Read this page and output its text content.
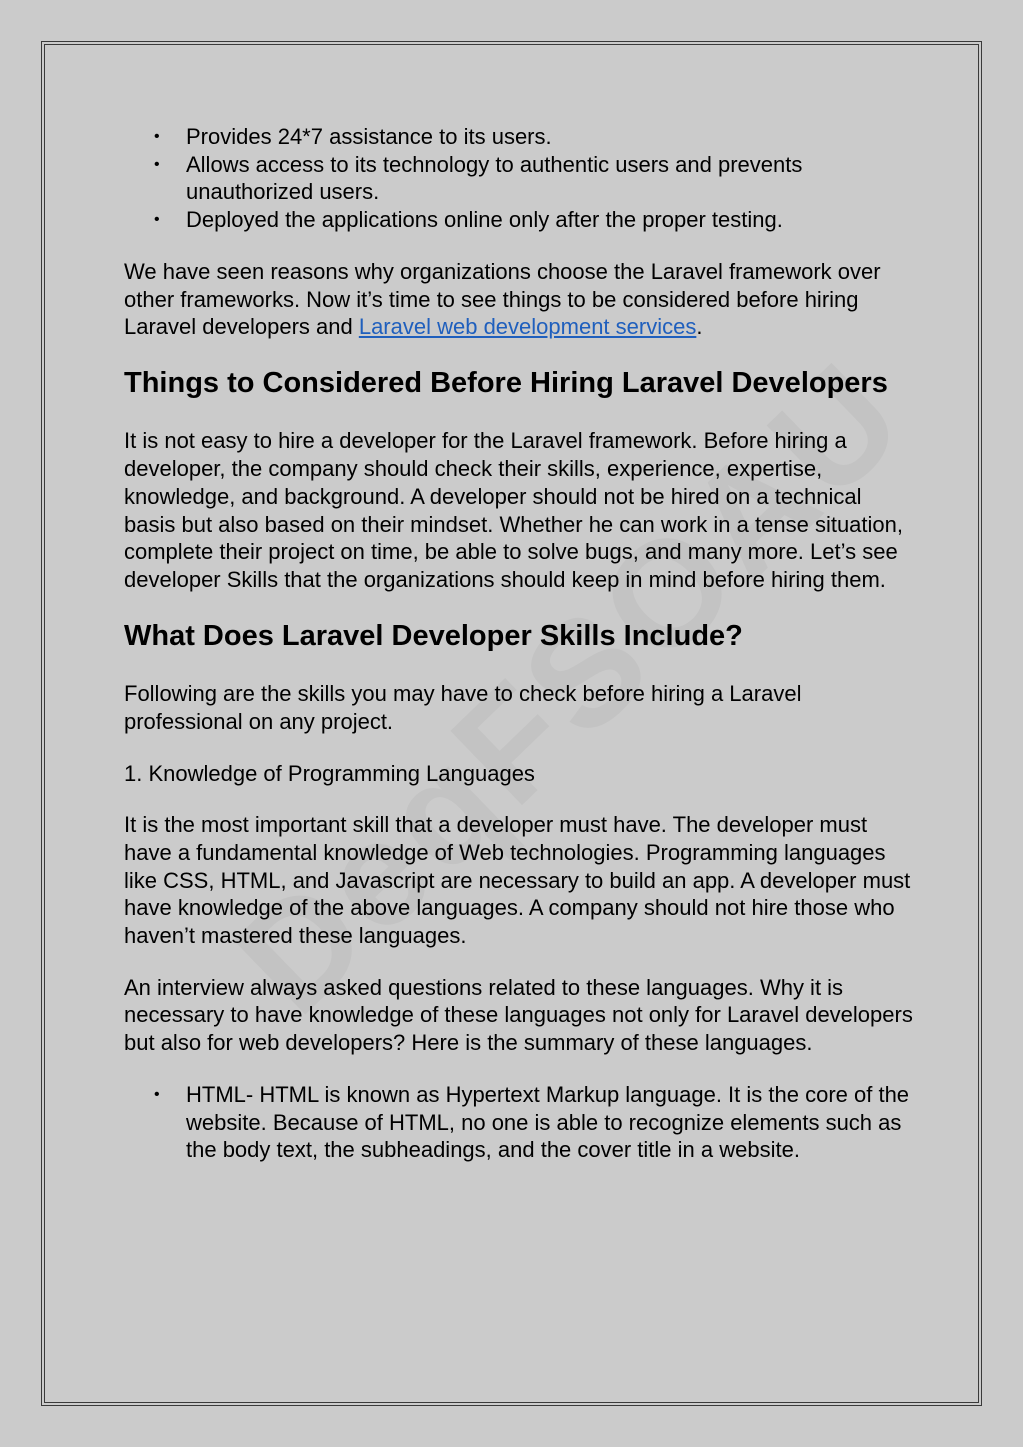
• Provides 24*7 assistance to its users.
• Allows access to its technology to authentic users and prevents unauthorized users.
• Deployed the applications online only after the proper testing.

We have seen reasons why organizations choose the Laravel framework over other frameworks. Now it’s time to see things to be considered before hiring Laravel developers and Laravel web development services.

Things to Considered Before Hiring Laravel Developers

It is not easy to hire a developer for the Laravel framework. Before hiring a developer, the company should check their skills, experience, expertise, knowledge, and background. A developer should not be hired on a technical basis but also based on their mindset. Whether he can work in a tense situation, complete their project on time, be able to solve bugs, and many more. Let’s see developer Skills that the organizations should keep in mind before hiring them.

What Does Laravel Developer Skills Include?

Following are the skills you may have to check before hiring a Laravel professional on any project.

1. Knowledge of Programming Languages

It is the most important skill that a developer must have. The developer must have a fundamental knowledge of Web technologies. Programming languages like CSS, HTML, and Javascript are necessary to build an app. A developer must have knowledge of the above languages. A company should not hire those who haven’t mastered these languages.

An interview always asked questions related to these languages. Why it is necessary to have knowledge of these languages not only for Laravel developers but also for web developers? Here is the summary of these languages.

• HTML- HTML is known as Hypertext Markup language. It is the core of the website. Because of HTML, no one is able to recognize elements such as the body text, the subheadings, and the cover title in a website.
